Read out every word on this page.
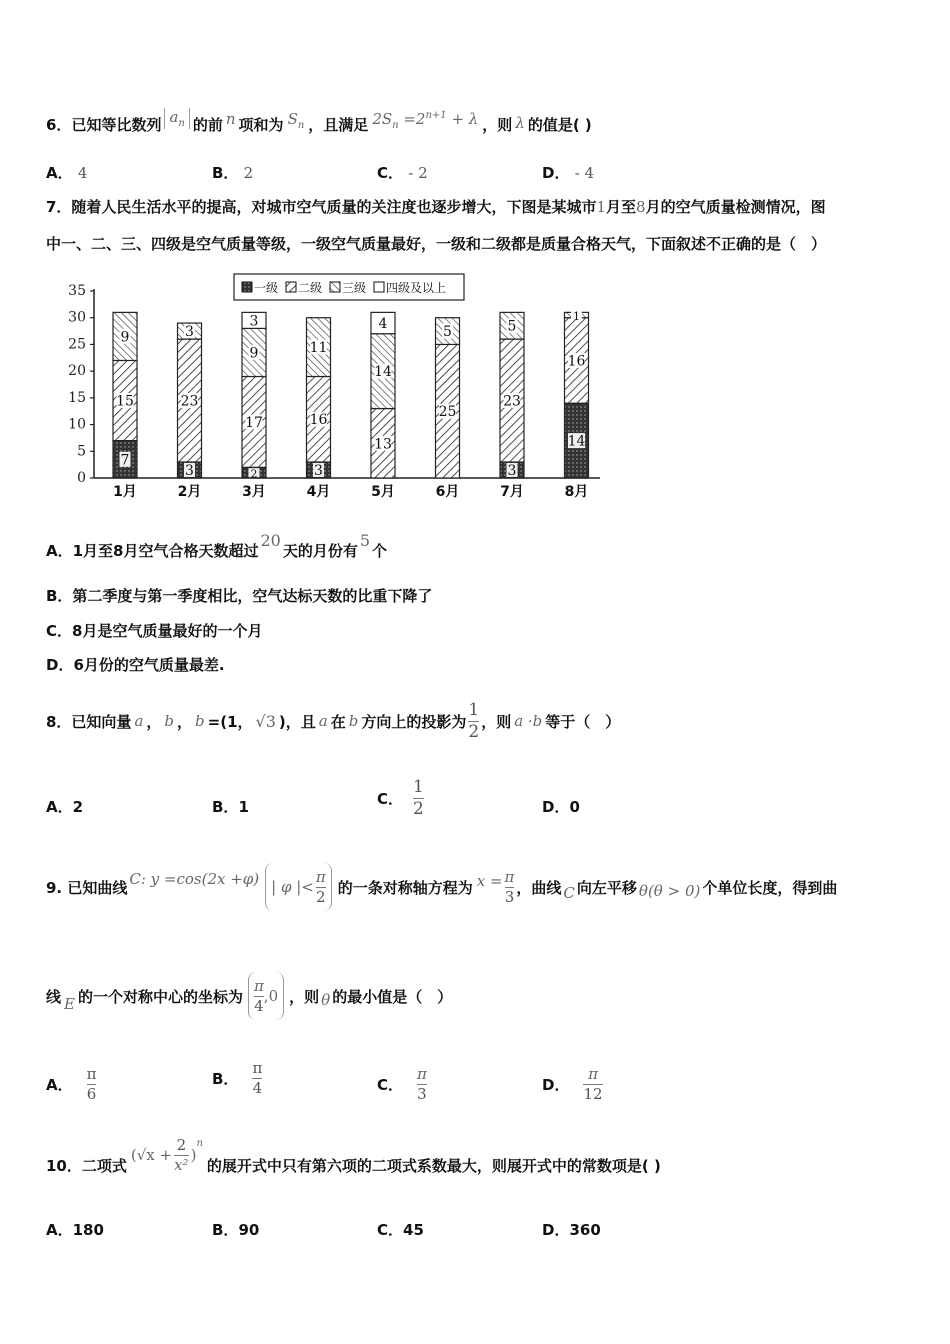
6．已知等比数列 $a_n$ 的前 n 项和为 $S_n$ ，且满足 $2S_n =2^{n+1} + \lambda$ ，则 λ 的值是( )
A． 4	B． 2	C． - 2	D． - 4
7．随着人民生活水平的提高，对城市空气质量的关注度也逐步增大，下图是某城市1月至8月的空气质量检测情况，图
中一、二、三、四级是空气质量等级，一级空气质量最好，一级和二级都是质量合格天气，下面叙述不正确的是（　）
0
5
10
15
20
25
30
35
7
15
9
1月
3
23
3
2月
2
17
9
3
3月
3
16
11
4月
13
14
4
5月
25
5
6月
3
23
5
7月
14
16
1
8月
一级 二级 三级 四级及以上
A．1月至8月空气合格天数超过20天的月份有5个
B．第二季度与第一季度相比，空气达标天数的比重下降了
C．8月是空气质量最好的一个月
D．6月份的空气质量最差.
8．已知向量 a ， b ， b =(1， √3 )，且 a 在 b 方向上的投影为 $\frac{1}{2}$ ，则 a ·b 等于（　）
A．2	B．1	C． $\frac{1}{2}$	D．0
9. 已知曲线 C: y =cos(2x +φ) | φ |< $\frac{\pi}{2}$ 的一条对称轴方程为 $x = \frac{\pi}{3}$ ，曲线 C 向左平移 θ(θ > 0) 个单位长度，得到曲
线 E 的一个对称中心的坐标为 $\frac{\pi}{4} ,0$ ，则 θ 的最小值是（　）
A． $\frac{\pi}{6}$	B． $\frac{\pi}{4}$	C． $\frac{\pi}{3}$	D． $\frac{\pi}{12}$
10．二项式
($√x + \frac{2}{\text{x²}}$ )
$^n$
的展开式中只有第六项的二项式系数最大，则展开式中的常数项是( )
A．180	B．90	C．45	D．360
